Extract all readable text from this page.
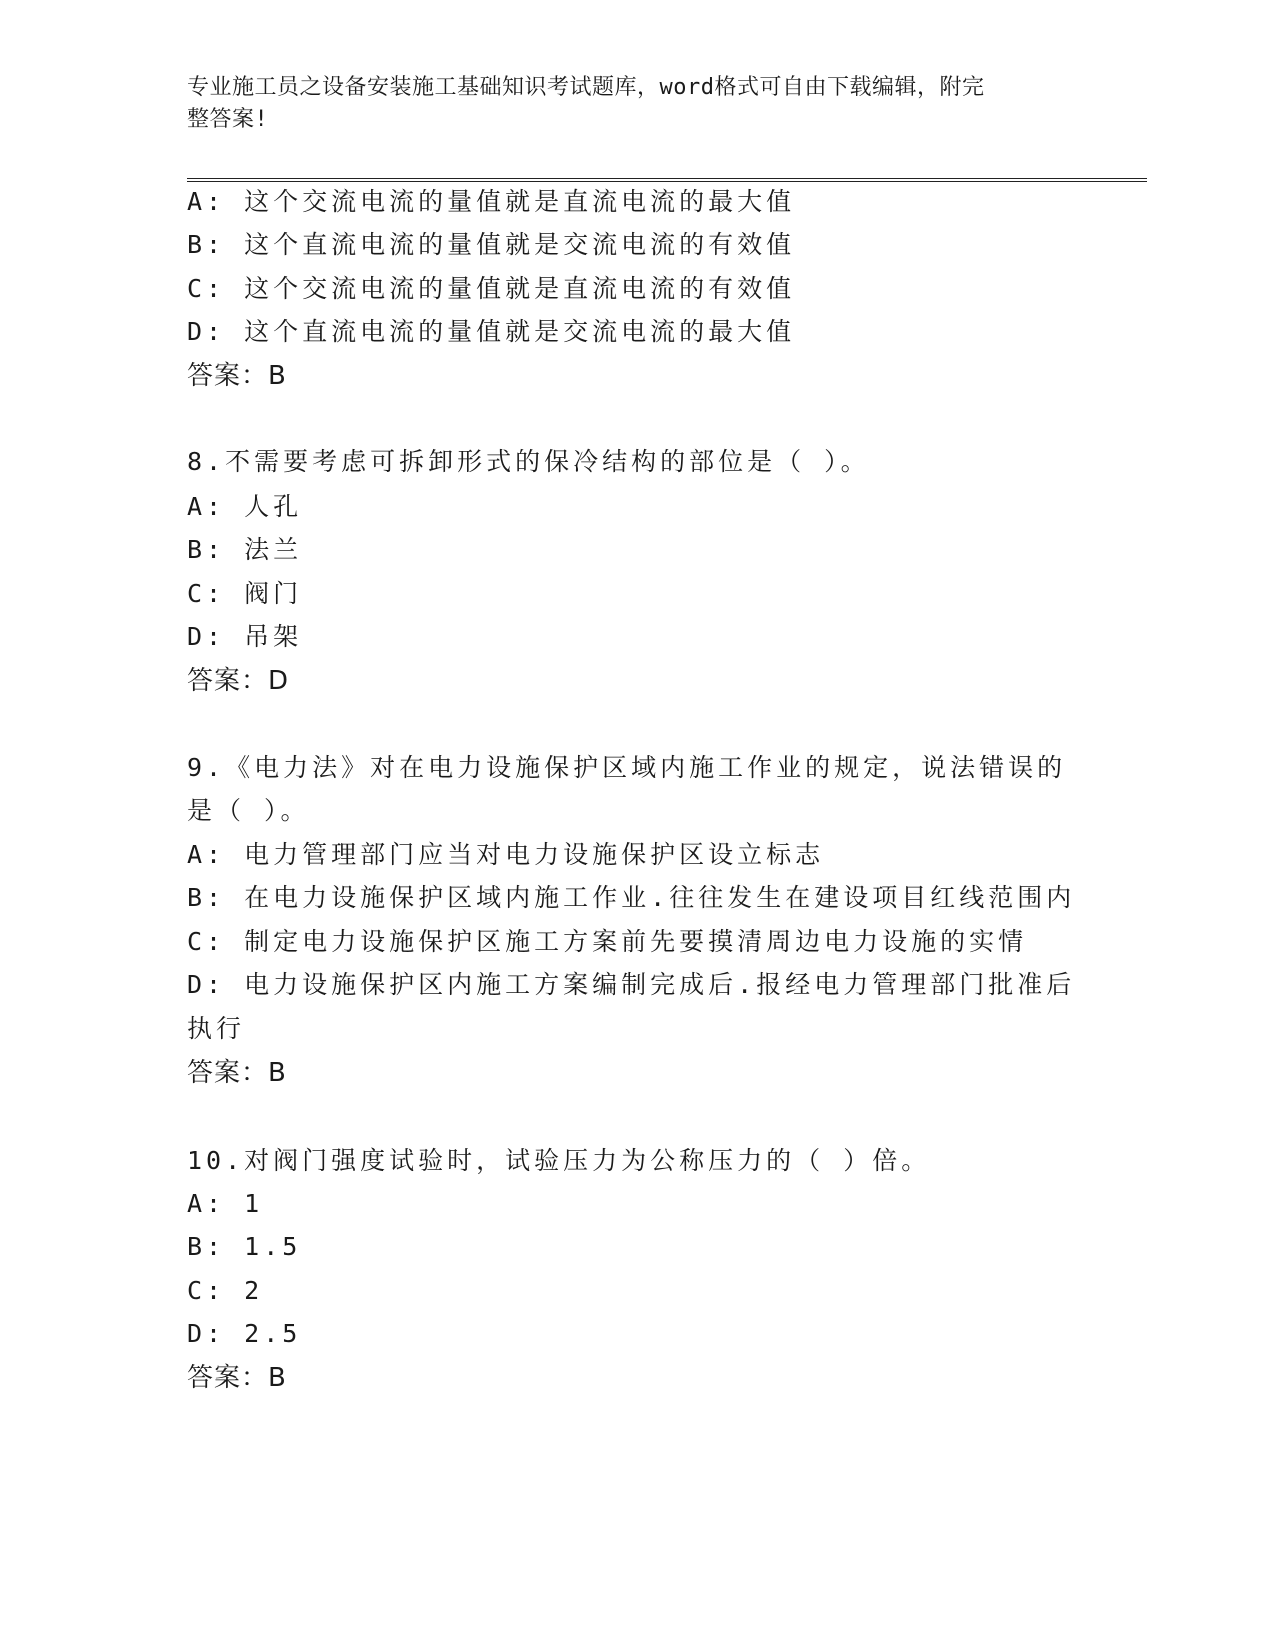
专业施工员之设备安装施工基础知识考试题库，word格式可自由下载编辑，附完
整答案!
A: 这个交流电流的量值就是直流电流的最大值
B: 这个直流电流的量值就是交流电流的有效值
C: 这个交流电流的量值就是直流电流的有效值
D: 这个直流电流的量值就是交流电流的最大值
答案：B
8.不需要考虑可拆卸形式的保冷结构的部位是（ ）。
A: 人孔
B: 法兰
C: 阀门
D: 吊架
答案：D
9.《电力法》对在电力设施保护区域内施工作业的规定，说法错误的
是（ ）。
A: 电力管理部门应当对电力设施保护区设立标志
B: 在电力设施保护区域内施工作业.往往发生在建设项目红线范围内
C: 制定电力设施保护区施工方案前先要摸清周边电力设施的实情
D: 电力设施保护区内施工方案编制完成后.报经电力管理部门批准后
执行
答案：B
10.对阀门强度试验时，试验压力为公称压力的（ ）倍。
A: 1
B: 1.5
C: 2
D: 2.5
答案：B
